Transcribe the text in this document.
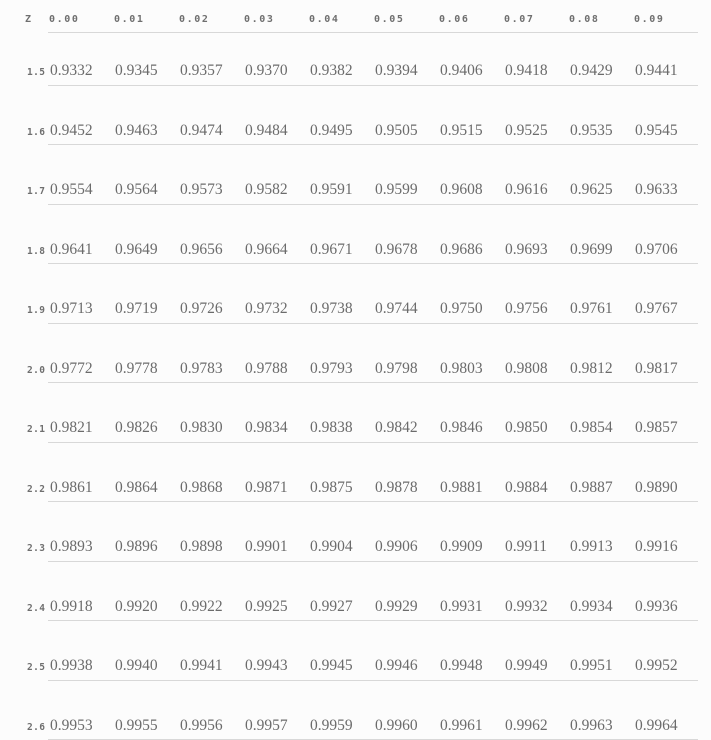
Z	0.00	0.01	0.02	0.03	0.04	0.05	0.06	0.07	0.08	0.09
1.5	0.9332	0.9345	0.9357	0.9370	0.9382	0.9394	0.9406	0.9418	0.9429	0.9441
1.6	0.9452	0.9463	0.9474	0.9484	0.9495	0.9505	0.9515	0.9525	0.9535	0.9545
1.7	0.9554	0.9564	0.9573	0.9582	0.9591	0.9599	0.9608	0.9616	0.9625	0.9633
1.8	0.9641	0.9649	0.9656	0.9664	0.9671	0.9678	0.9686	0.9693	0.9699	0.9706
1.9	0.9713	0.9719	0.9726	0.9732	0.9738	0.9744	0.9750	0.9756	0.9761	0.9767
2.0	0.9772	0.9778	0.9783	0.9788	0.9793	0.9798	0.9803	0.9808	0.9812	0.9817
2.1	0.9821	0.9826	0.9830	0.9834	0.9838	0.9842	0.9846	0.9850	0.9854	0.9857
2.2	0.9861	0.9864	0.9868	0.9871	0.9875	0.9878	0.9881	0.9884	0.9887	0.9890
2.3	0.9893	0.9896	0.9898	0.9901	0.9904	0.9906	0.9909	0.9911	0.9913	0.9916
2.4	0.9918	0.9920	0.9922	0.9925	0.9927	0.9929	0.9931	0.9932	0.9934	0.9936
2.5	0.9938	0.9940	0.9941	0.9943	0.9945	0.9946	0.9948	0.9949	0.9951	0.9952
2.6	0.9953	0.9955	0.9956	0.9957	0.9959	0.9960	0.9961	0.9962	0.9963	0.9964
